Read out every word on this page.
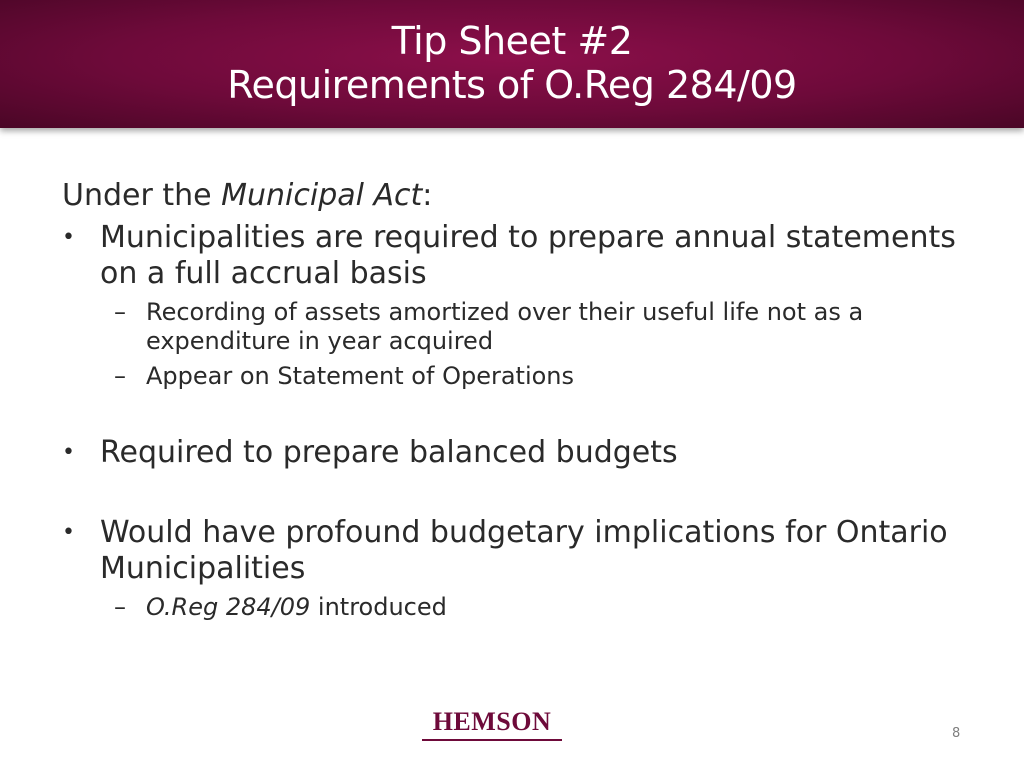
Tip Sheet #2
Requirements of O.Reg 284/09
Under the Municipal Act:
• Municipalities are required to prepare annual statements on a full accrual basis
– Recording of assets amortized over their useful life not as a expenditure in year acquired
– Appear on Statement of Operations
• Required to prepare balanced budgets
• Would have profound budgetary implications for Ontario Municipalities
– O.Reg 284/09 introduced
HEMSON	8
